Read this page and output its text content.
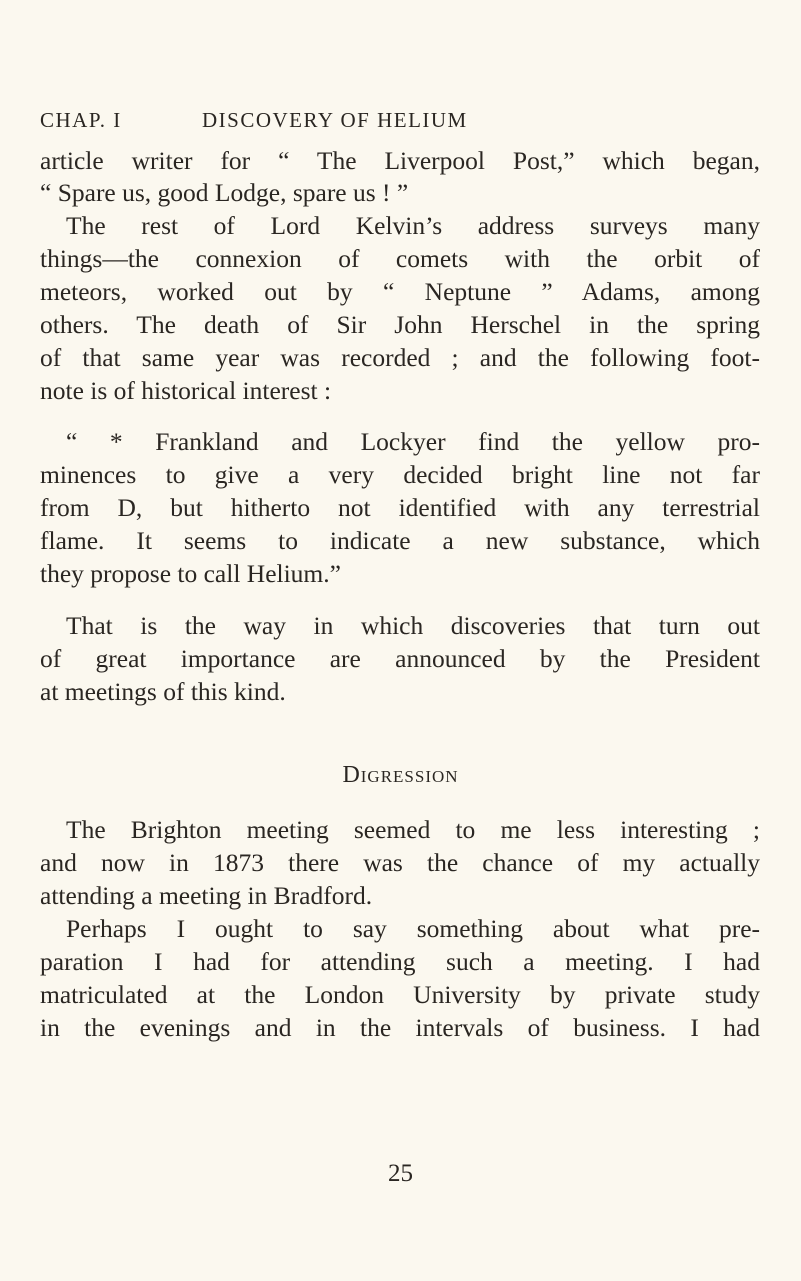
CHAP. I	DISCOVERY OF HELIUM
article writer for “ The Liverpool Post,” which began,
“ Spare us, good Lodge, spare us ! ”
The rest of Lord Kelvin’s address surveys many
things—the connexion of comets with the orbit of
meteors, worked out by “ Neptune ” Adams, among
others. The death of Sir John Herschel in the spring
of that same year was recorded ; and the following foot-
note is of historical interest :
“ * Frankland and Lockyer find the yellow pro-
minences to give a very decided bright line not far
from D, but hitherto not identified with any terrestrial
flame. It seems to indicate a new substance, which
they propose to call Helium.”
That is the way in which discoveries that turn out
of great importance are announced by the President
at meetings of this kind.
Digression
The Brighton meeting seemed to me less interesting ;
and now in 1873 there was the chance of my actually
attending a meeting in Bradford.
Perhaps I ought to say something about what pre-
paration I had for attending such a meeting. I had
matriculated at the London University by private study
in the evenings and in the intervals of business. I had
25
